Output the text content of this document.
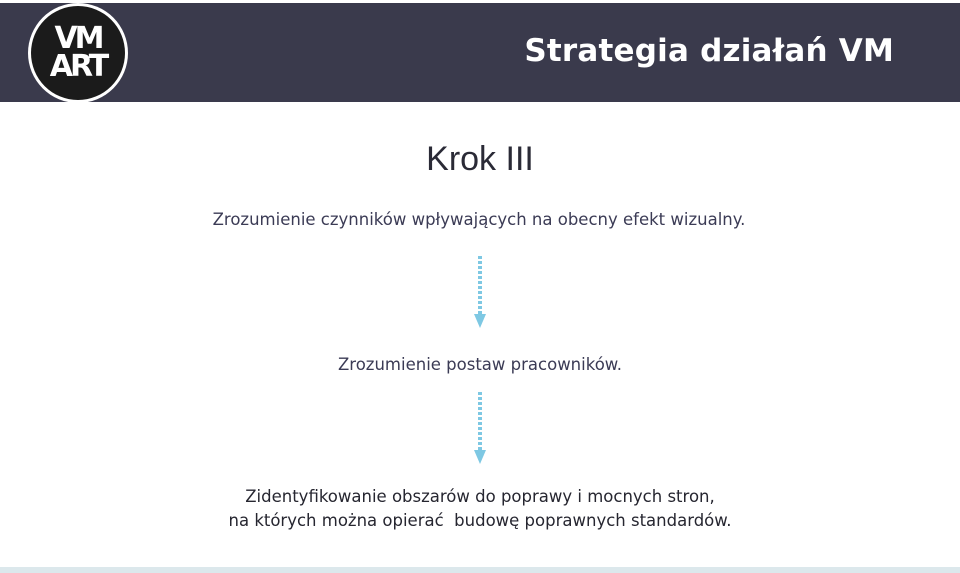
Strategia działań VM
VM
ART
Krok III
Zrozumienie czynników wpływających na obecny efekt wizualny.
Zrozumienie postaw pracowników.
Zidentyfikowanie obszarów do poprawy i mocnych stron,
na których można opierać  budowę poprawnych standardów.
